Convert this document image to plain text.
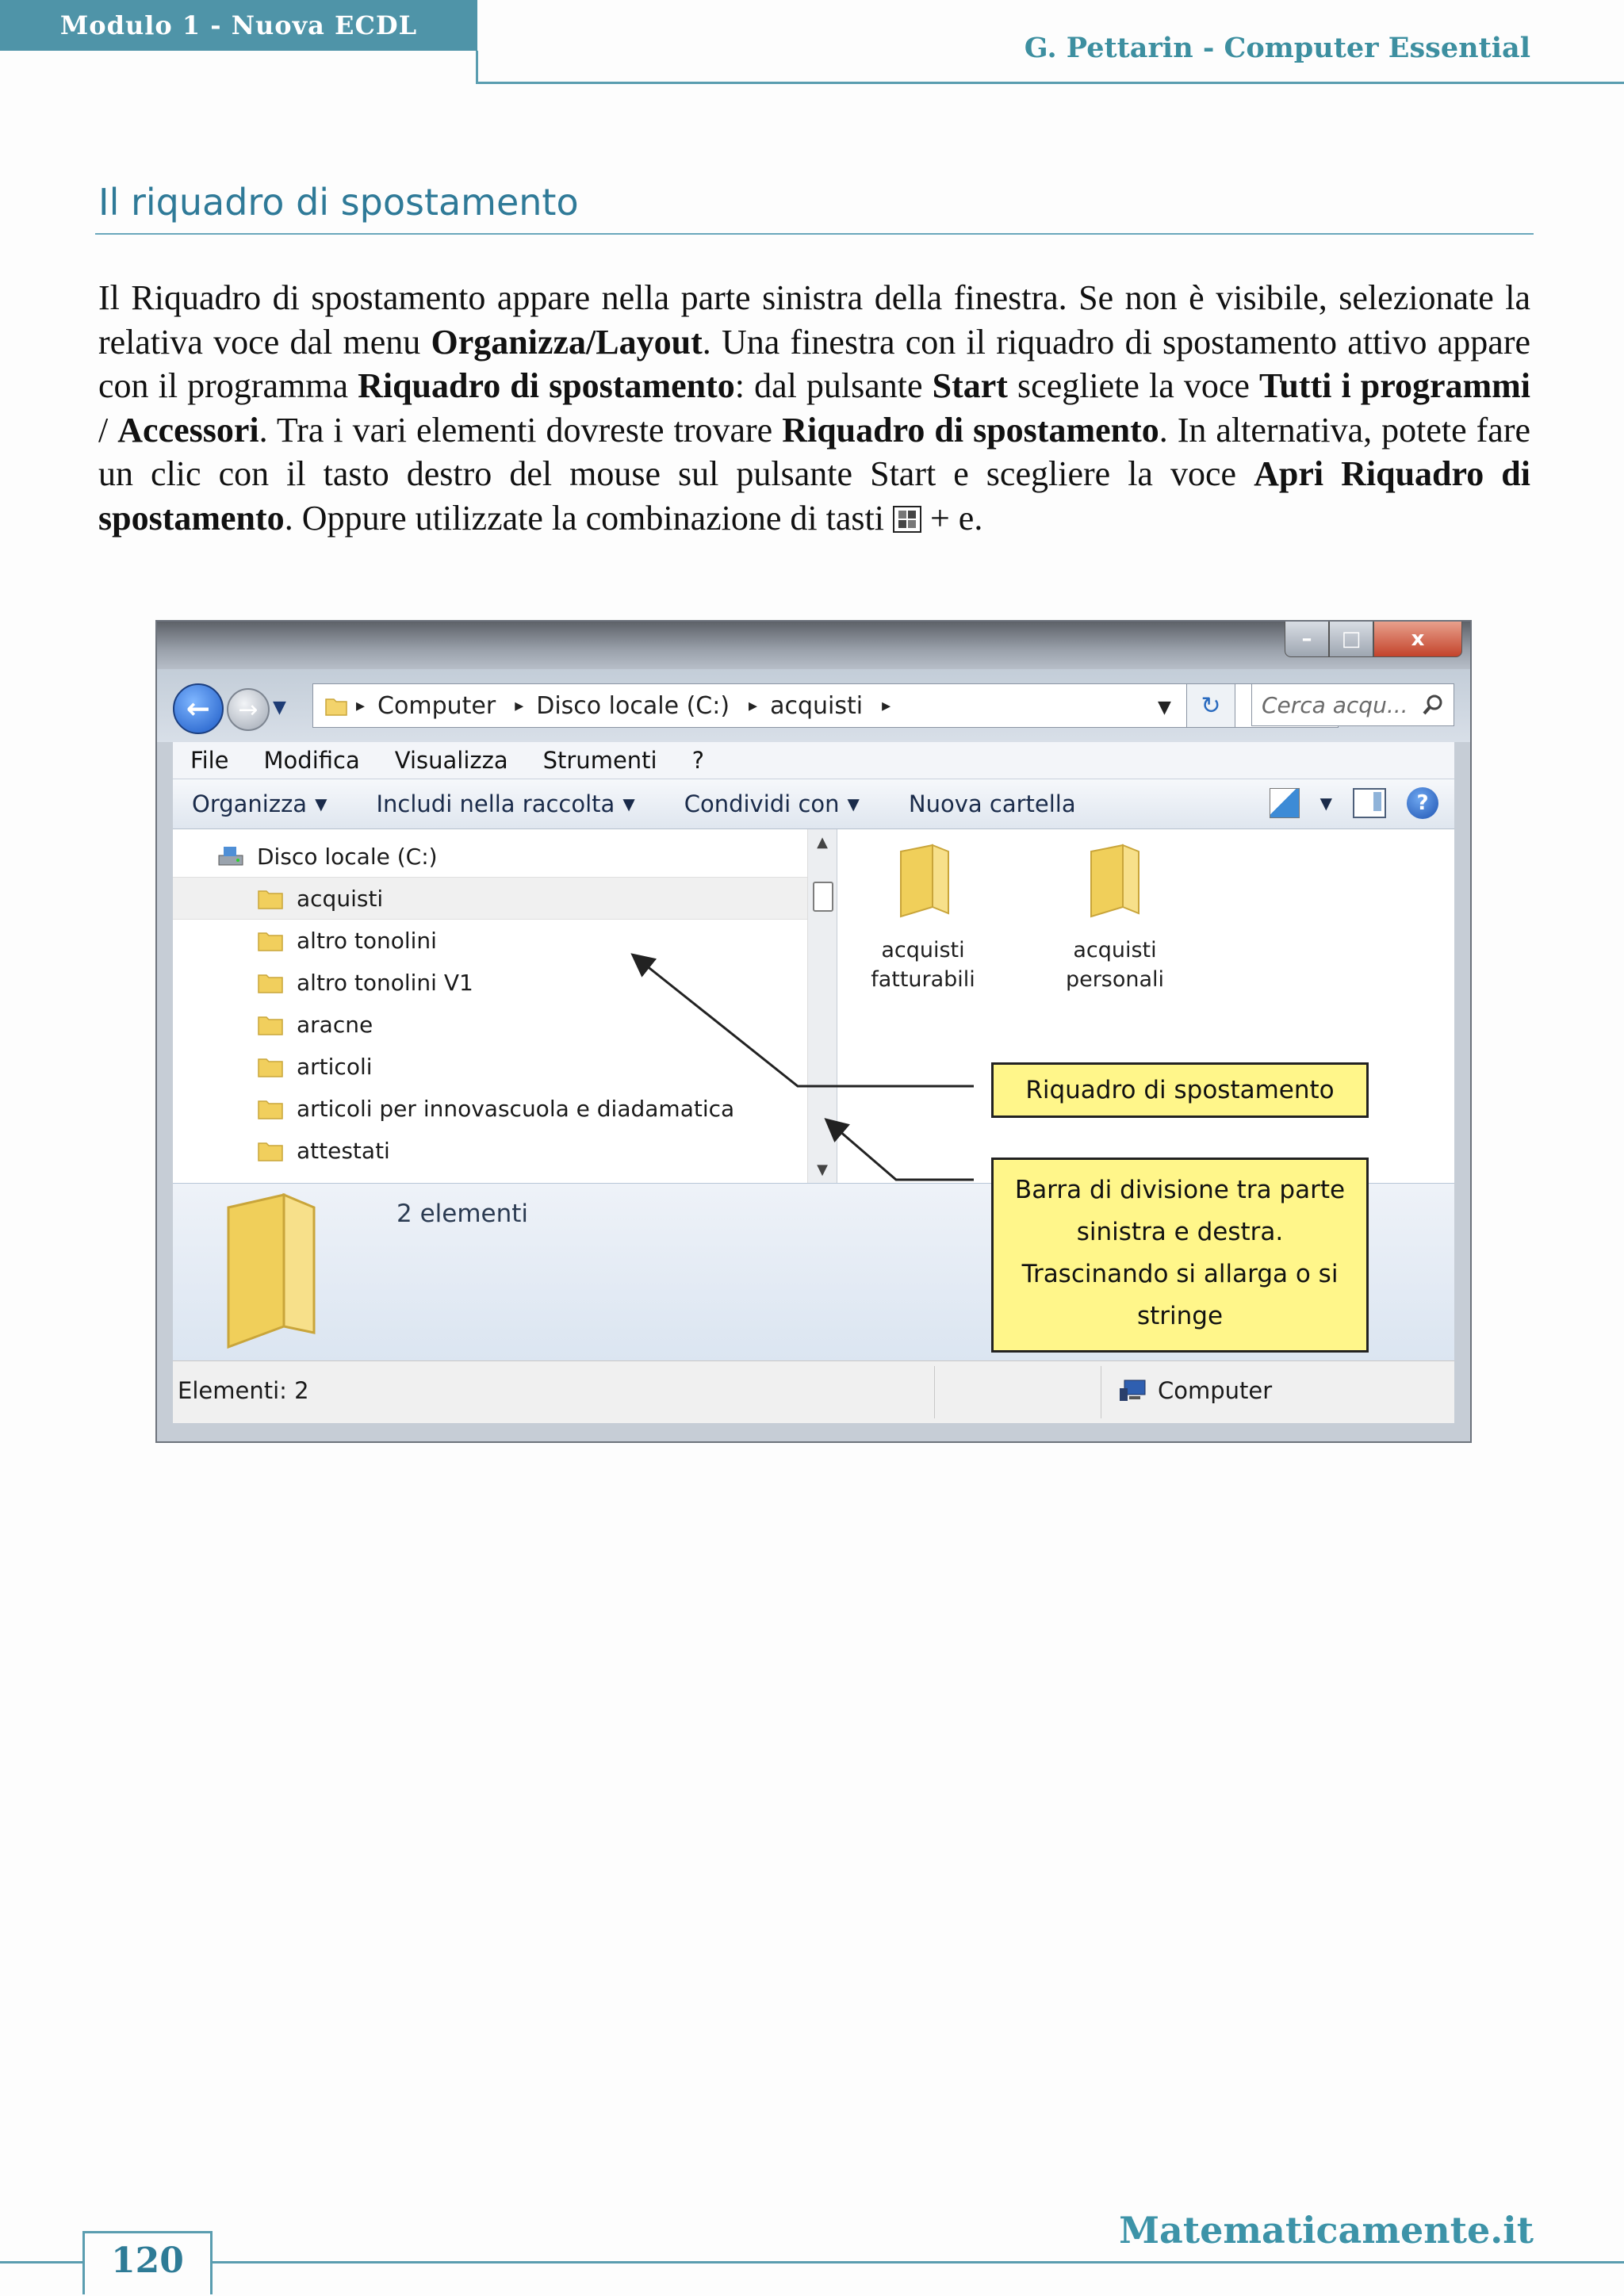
Modulo 1 - Nuova ECDL
G. Pettarin - Computer Essential
Il riquadro di spostamento
Il Riquadro di spostamento appare nella parte sinistra della finestra. Se non è visibile, selezionate la relativa voce dal menu Organizza/Layout. Una finestra con il riquadro di spostamento attivo appare con il programma Riquadro di spostamento: dal pulsante Start scegliete la voce Tutti i programmi / Accessori. Tra i vari elementi dovreste trovare Riquadro di spostamento. In alternativa, potete fare un clic con il tasto destro del mouse sul pulsante Start e scegliere la voce Apri Riquadro di spostamento. Oppure utilizzate la combinazione di tasti  + e.
–	□	x
←	→ ▼	▸ Computer	▸ Disco locale (C:)	▸ acquisti ▸	▼	↻	Cerca acqu...
File Modifica Visualizza Strumenti ?
Organizza ▼ Includi nella raccolta ▼ Condividi con ▼ Nuova cartella	▼	?
Disco locale (C:)
acquisti
altro tonolini
altro tonolini V1
aracne
articoli
articoli per innovascuola e diadamatica
attestati
▲
▼
acquisti
fatturabili
acquisti
personali
2 elementi
Elementi: 2	Computer
Riquadro di spostamento
Barra di divisione tra parte
sinistra e destra.
Trascinando si allarga o si
stringe
120
Matematicamente.it
